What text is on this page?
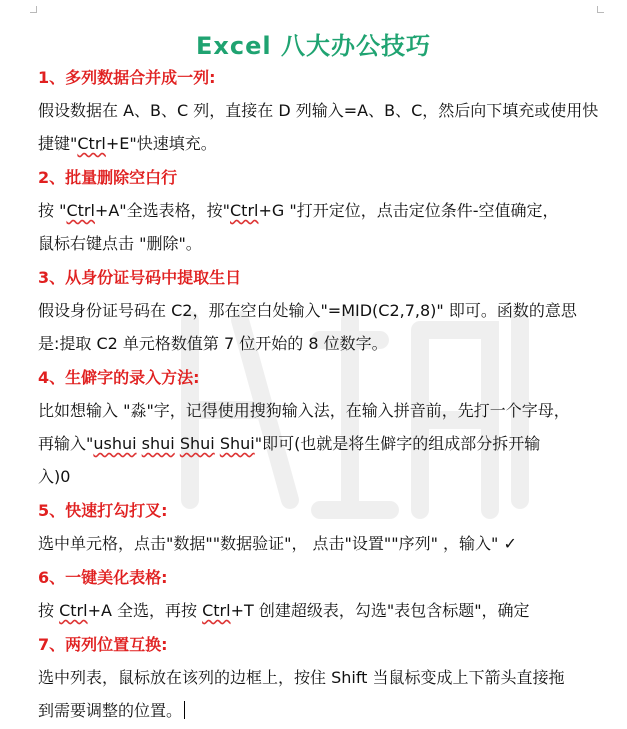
Excel 八大办公技巧
1、多列数据合并成一列:
假设数据在 A、B、C 列，直接在 D 列输入=A、B、C，然后向下填充或使用快
捷键"Ctrl+E"快速填充。
2、批量删除空白行
按 "Ctrl+A"全选表格，按"Ctrl+G "打开定位，点击定位条件-空值确定，
鼠标右键点击 "删除"。
3、从身份证号码中提取生日
假设身份证号码在 C2，那在空白处输入"=MID(C2,7,8)" 即可。函数的意思
是:提取 C2 单元格数值第 7 位开始的 8 位数字。
4、生僻字的录入方法:
比如想输入 "淼"字，记得使用搜狗输入法，在输入拼音前，先打一个字母，
再输入"ushui shui Shui Shui"即可(也就是将生僻字的组成部分拆开输
入)0
5、快速打勾打叉:
选中单元格，点击"数据""数据验证"， 点击"设置""序列" ，输入" ✓
6、一键美化表格:
按 Ctrl+A 全选，再按 Ctrl+T 创建超级表，勾选"表包含标题"，确定
7、两列位置互换:
选中列表，鼠标放在该列的边框上，按住 Shift 当鼠标变成上下箭头直接拖
到需要调整的位置。
